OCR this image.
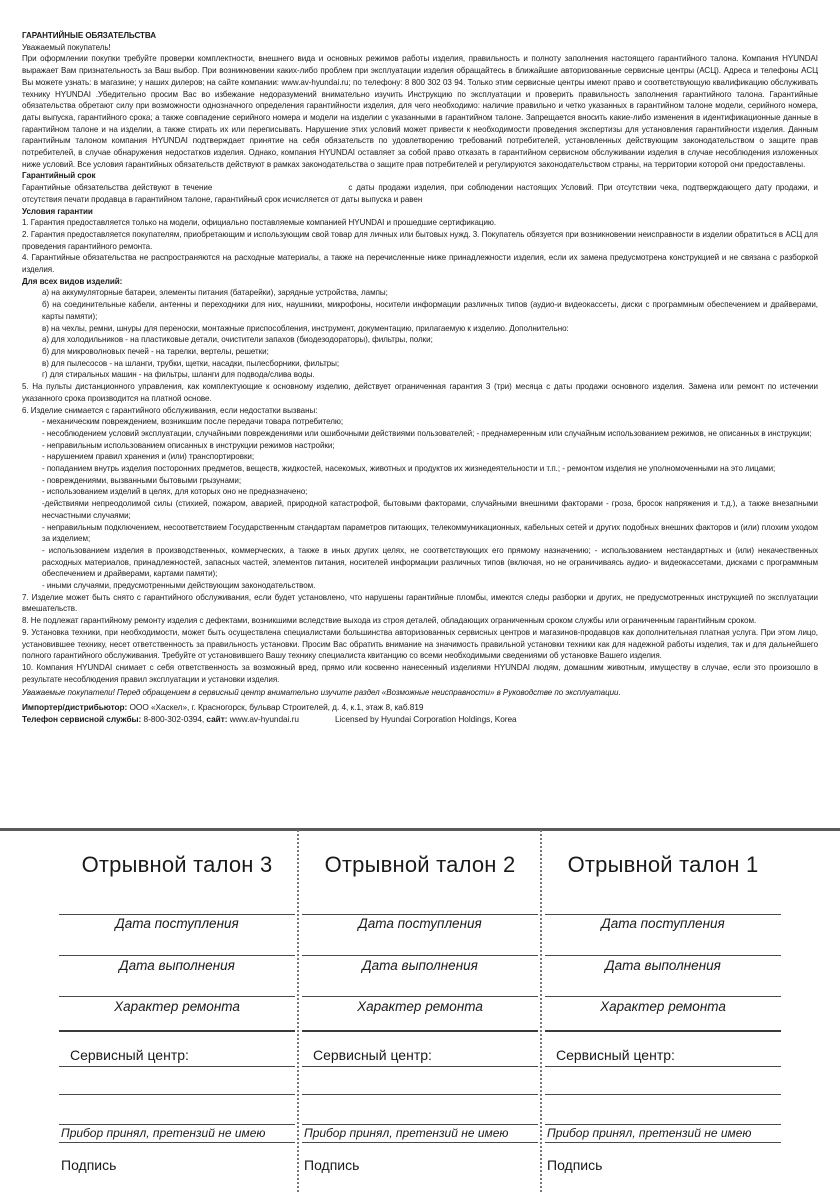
ГАРАНТИЙНЫЕ ОБЯЗАТЕЛЬСТВА

Уважаемый покупатель!

При оформлении покупки требуйте проверки комплектности, внешнего вида и основных режимов работы изделия, правильность и полноту заполнения настоящего гарантийного талона. Компания HYUNDAI выражает Вам признательность за Ваш выбор. При возникновении каких-либо проблем при эксплуатации изделия обращайтесь в ближайшие авторизованные сервисные центры (АСЦ). Адреса и телефоны АСЦ Вы можете узнать: в магазине; у наших дилеров; на сайте компании: www.av-hyundai.ru; по телефону: 8 800 302 03 94. Только этим сервисные центры имеют право и соответствующую квалификацию обслуживать технику HYUNDAI .Убедительно просим Вас во избежание недоразумений внимательно изучить Инструкцию по эксплуатации и проверить правильность заполнения гарантийного талона. Гарантийные обязательства обретают силу при возможности однозначного определения гарантийности изделия, для чего необходимо: наличие правильно и четко указанных в гарантийном талоне модели, серийного номера, даты выпуска, гарантийного срока; а также совпадение серийного номера и модели на изделии с указанными в гарантийном талоне. Запрещается вносить какие-либо изменения в идентификационные данные в гарантийном талоне и на изделии, а также стирать их или переписывать. Нарушение этих условий может привести к необходимости проведения экспертизы для установления гарантийности изделия. Данным гарантийным талоном компания HYUNDAI подтверждает принятие на себя обязательств по удовлетворению требований потребителей, установленных действующим законодательством о защите прав потребителей, в случае обнаружения недостатков изделия. Однако, компания HYUNDAI оставляет за собой право отказать в гарантийном сервисном обслуживании изделия в случае несоблюдения изложенных ниже условий. Все условия гарантийных обязательств действуют в рамках законодательства о защите прав потребителей и регулируются законодательством страны, на территории которой они предоставлены.

Гарантийный срок

Гарантийные обязательства действуют в течение	с даты продажи изделия, при соблюдении настоящих Условий. При отсутствии чека, подтверждающего дату продажи, и отсутствия печати продавца в гарантийном талоне, гарантийный срок исчисляется от даты выпуска и равен

Условия гарантии

1. Гарантия предоставляется только на модели, официально поставляемые компанией HYUNDAI и прошедшие сертификацию.

2. Гарантия предоставляется покупателям, приобретающим и использующим свой товар для личных или бытовых нужд. 3. Покупатель обязуется при возникновении неисправности в изделии обратиться в АСЦ для проведения гарантийного ремонта.

4. Гарантийные обязательства не распространяются на расходные материалы, а также на перечисленные ниже принадлежности изделия, если их замена предусмотрена конструкцией и не связана с разборкой изделия.

Для всех видов изделий:

а) на аккумуляторные батареи, элементы питания (батарейки), зарядные устройства, лампы;

б) на соединительные кабели, антенны и переходники для них, наушники, микрофоны, носители информации различных типов (аудио-и видеокассеты, диски с программным обеспечением и драйверами, карты памяти);

в) на чехлы, ремни, шнуры для переноски, монтажные приспособления, инструмент, документацию, прилагаемую к изделию. Дополнительно:

а) для холодильников - на пластиковые детали, очистители запахов (биодезодораторы), фильтры, полки;

б) для микроволновых печей - на тарелки, вертелы, решетки;

в) для пылесосов - на шланги, трубки, щетки, насадки, пылесборники, фильтры;

г) для стиральных машин - на фильтры, шланги для подвода/слива воды.

5. На пульты дистанционного управления, как комплектующие к основному изделию, действует ограниченная гарантия 3 (три) месяца с даты продажи основного изделия. Замена или ремонт по истечении указанного срока производится на платной основе.

6. Изделие снимается с гарантийного обслуживания, если недостатки вызваны:

- механическим повреждением, возникшим после передачи товара потребителю;

- несоблюдением условий эксплуатации, случайными повреждениями или ошибочными действиями пользователей; - преднамеренным или случайным использованием режимов, не описанных в инструкции;

- неправильным использованием описанных в инструкции режимов настройки;

- нарушением правил хранения и (или) транспортировки;

- попаданием внутрь изделия посторонних предметов, веществ, жидкостей, насекомых, животных и продуктов их жизнедеятельности и т.п.; - ремонтом изделия не уполномоченными на это лицами;

- повреждениями, вызванными бытовыми грызунами;

- использованием изделий в целях, для которых оно не предназначено;

-действиями непреодолимой силы (стихией, пожаром, аварией, природной катастрофой, бытовыми факторами, случайными внешними факторами - гроза, бросок напряжения и т.д.), а также внезапными несчастными случаями;

- неправильным подключением, несоответствием Государственным стандартам параметров питающих, телекоммуникационных, кабельных сетей и других подобных внешних факторов и (или) плохим уходом за изделием;

- использованием изделия в производственных, коммерческих, а также в иных других целях, не соответствующих его прямому назначению; - использованием нестандартных и (или) некачественных расходных материалов, принадлежностей, запасных частей, элементов питания, носителей информации различных типов (включая, но не ограничиваясь аудио- и видеокассетами, дисками с программным обеспечением и драйверами, картами памяти);

- иными случаями, предусмотренными действующим законодательством.

7. Изделие может быть снято с гарантийного обслуживания, если будет установлено, что нарушены гарантийные пломбы, имеются следы разборки и других, не предусмотренных инструкцией по эксплуатации вмешательств.

8. Не подлежат гарантийному ремонту изделия с дефектами, возникшими вследствие выхода из строя деталей, обладающих ограниченным сроком службы или ограниченным гарантийным сроком.

9. Установка техники, при необходимости, может быть осуществлена специалистами большинства авторизованных сервисных центров и магазинов-продавцов как дополнительная платная услуга. При этом лицо, установившее технику, несет ответственность за правильность установки. Просим Вас обратить внимание на значимость правильной установки техники как для надежной работы изделия, так и для дальнейшего полного гарантийного обслуживания. Требуйте от установившего Вашу технику специалиста квитанцию со всеми необходимыми сведениями об установке Вашего изделия.

10. Компания HYUNDAI снимает с себя ответственность за возможный вред, прямо или косвенно нанесенный изделиями HYUNDAI людям, домашним животным, имуществу в случае, если это произошло в результате несоблюдения правил эксплуатации и установки изделия.

Уважаемые покупатели! Перед обращением в сервисный центр внимательно изучите раздел «Возможные неисправности» в Руководстве по эксплуатации.

Импортер/дистрибьютор: ООО «Хаскел», г. Красногорск, бульвар Строителей, д. 4, к.1, этаж 8, каб.819

Телефон сервисной службы: 8-800-302-0394, сайт: www.av-hyundai.ru	Licensed by Hyundai Corporation Holdings, Korea

Отрывной талон 3
Дата поступления
Дата выполнения
Характер ремонта
Сервисный центр:
Прибор принял, претензий не имею
Подпись
Отрывной талон 2
Дата поступления
Дата выполнения
Характер ремонта
Сервисный центр:
Прибор принял, претензий не имею
Подпись
Отрывной талон 1
Дата поступления
Дата выполнения
Характер ремонта
Сервисный центр:
Прибор принял, претензий не имею
Подпись
